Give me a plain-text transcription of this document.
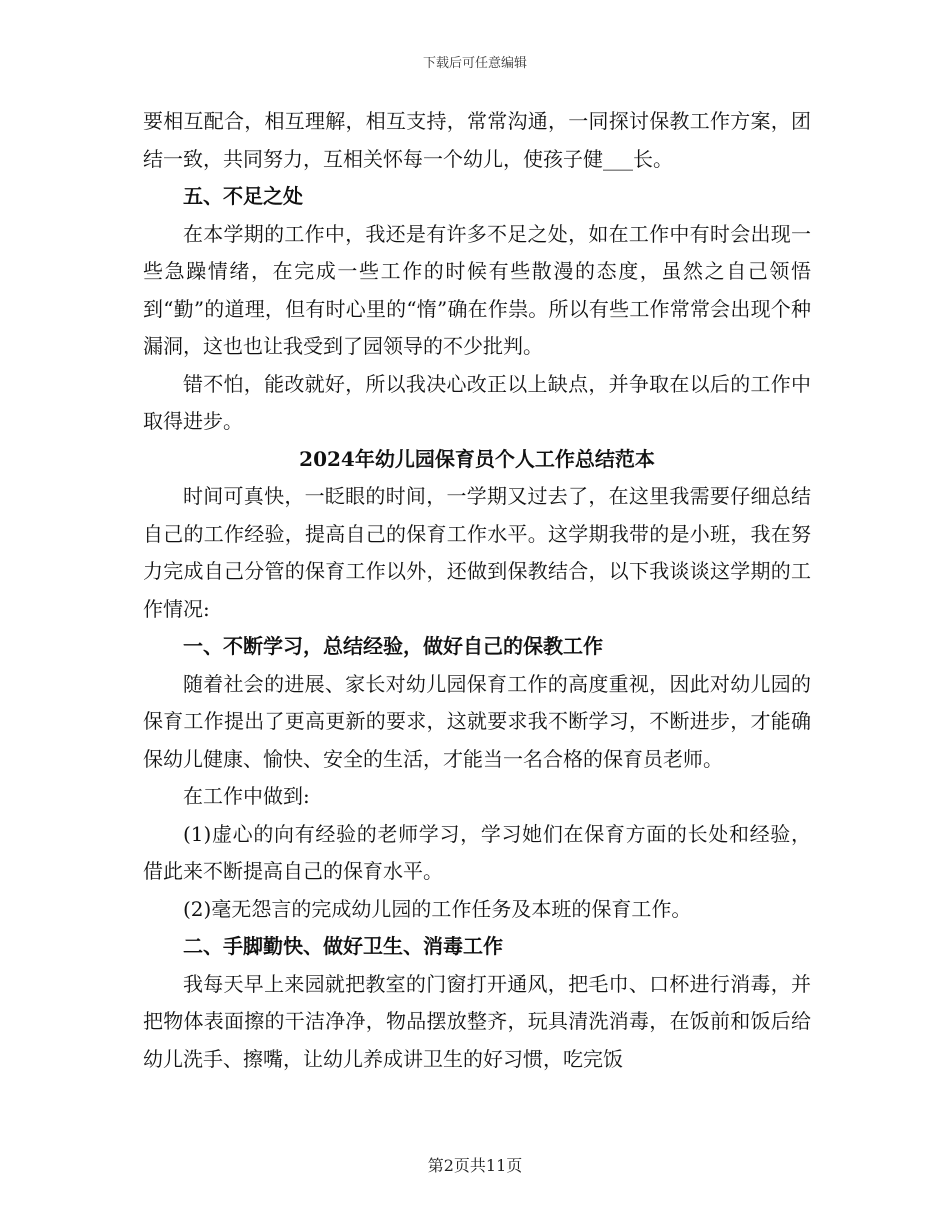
下载后可任意编辑

要相互配合，相互理解，相互支持，常常沟通，一同探讨保教工作方案，团结一致，共同努力，互相关怀每一个幼儿，使孩子健___长。

五、不足之处

在本学期的工作中，我还是有许多不足之处，如在工作中有时会出现一些急躁情绪，在完成一些工作的时候有些散漫的态度，虽然之自己领悟到“勤”的道理，但有时心里的“惰”确在作祟。所以有些工作常常会出现个种漏洞，这也也让我受到了园领导的不少批判。

错不怕，能改就好，所以我决心改正以上缺点，并争取在以后的工作中取得进步。

2024年幼儿园保育员个人工作总结范本

时间可真快，一眨眼的时间，一学期又过去了，在这里我需要仔细总结自己的工作经验，提高自己的保育工作水平。这学期我带的是小班，我在努力完成自己分管的保育工作以外，还做到保教结合，以下我谈谈这学期的工作情况:

一、不断学习，总结经验，做好自己的保教工作

随着社会的进展、家长对幼儿园保育工作的高度重视，因此对幼儿园的保育工作提出了更高更新的要求，这就要求我不断学习，不断进步，才能确保幼儿健康、愉快、安全的生活，才能当一名合格的保育员老师。

在工作中做到:

(1)虚心的向有经验的老师学习，学习她们在保育方面的长处和经验，借此来不断提高自己的保育水平。

(2)毫无怨言的完成幼儿园的工作任务及本班的保育工作。

二、手脚勤快、做好卫生、消毒工作

我每天早上来园就把教室的门窗打开通风，把毛巾、口杯进行消毒，并把物体表面擦的干洁净净，物品摆放整齐，玩具清洗消毒，在饭前和饭后给幼儿洗手、擦嘴，让幼儿养成讲卫生的好习惯，吃完饭

第2页共11页
